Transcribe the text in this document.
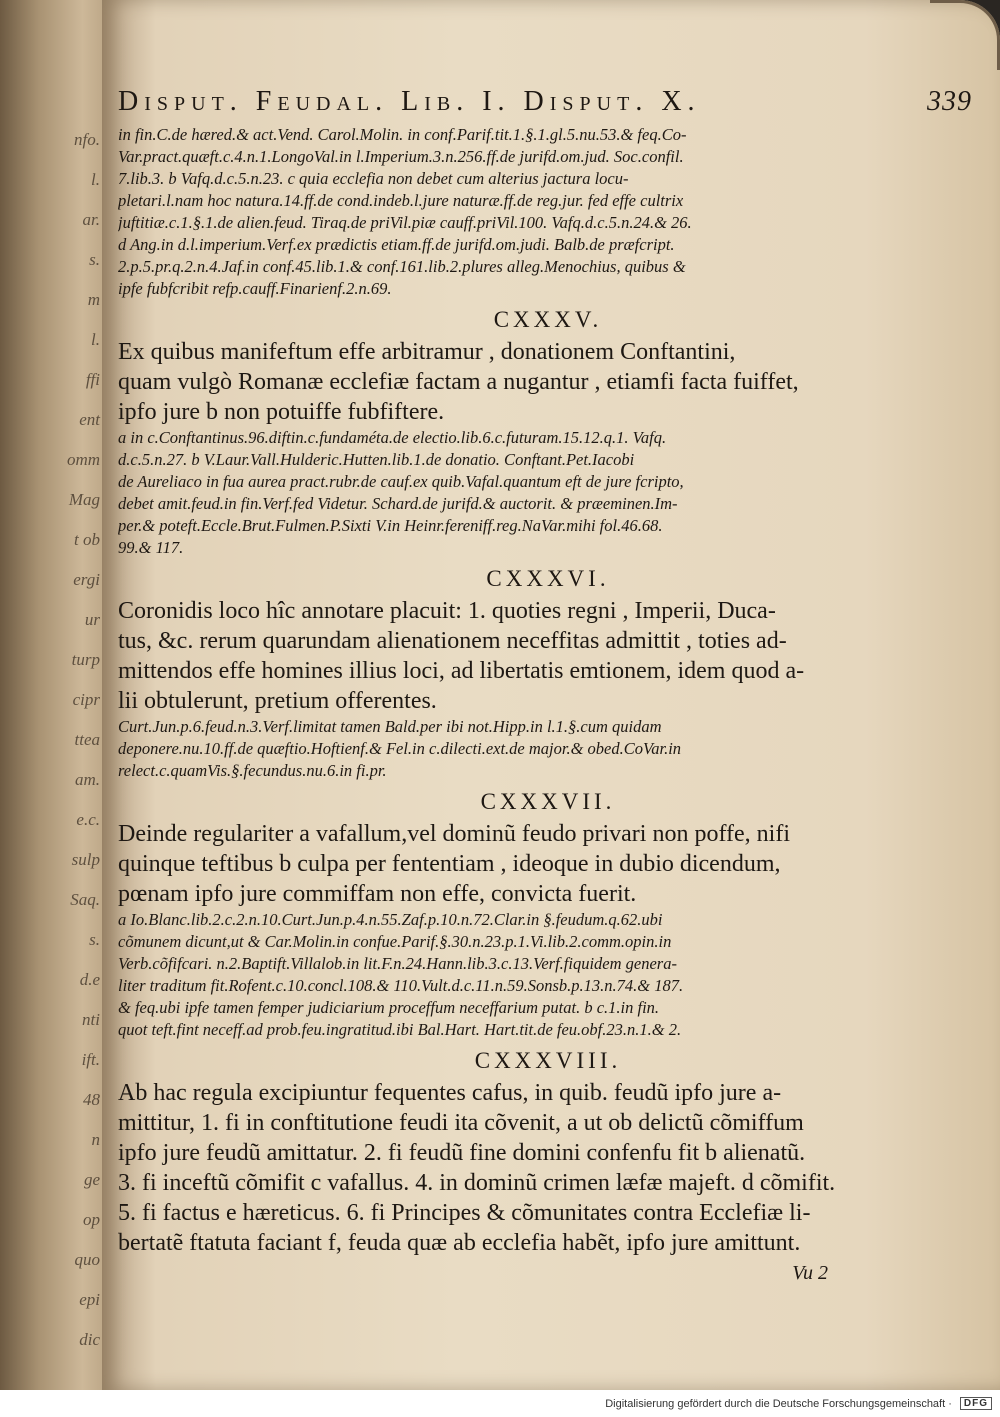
nfo.
l.
ar.
s.
m
l.
ffi
ent
omm
Mag
t ob
ergi
ur
turp
cipr
ttea
am.
e.c.
sulp
Saq.
s.
d.e
nti
ift.
48
n
ge
op
quo
epi
dic
Disput. Feudal. Lib. I. Disput. X.	339
in fin.C.de hæred.& act.Vend. Carol.Molin. in conf.Parif.tit.1.§.1.gl.5.nu.53.& feq.Co-
Var.pract.quæft.c.4.n.1.LongoVal.in l.Imperium.3.n.256.ff.de jurifd.om.jud. Soc.confil.
7.lib.3. b Vafq.d.c.5.n.23. c quia ecclefia non debet cum alterius jactura locu-
pletari.l.nam hoc natura.14.ff.de cond.indeb.l.jure naturæ.ff.de reg.jur. fed effe cultrix
juftitiæ.c.1.§.1.de alien.feud. Tiraq.de priVil.piæ cauff.priVil.100. Vafq.d.c.5.n.24.& 26.
d Ang.in d.l.imperium.Verf.ex prædictis etiam.ff.de jurifd.om.judi. Balb.de præfcript.
2.p.5.pr.q.2.n.4.Jaf.in conf.45.lib.1.& conf.161.lib.2.plures alleg.Menochius, quibus &
ipfe fubfcribit refp.cauff.Finarienf.2.n.69.
CXXXV.
Ex quibus manifeftum effe arbitramur , donationem Conftantini,
quam vulgò Romanæ ecclefiæ factam a nugantur , etiamfi facta fuiffet,
ipfo jure b non potuiffe fubfiftere.
a in c.Conftantinus.96.diftin.c.fundaméta.de electio.lib.6.c.futuram.15.12.q.1. Vafq.
d.c.5.n.27. b V.Laur.Vall.Hulderic.Hutten.lib.1.de donatio. Conftant.Pet.Iacobi
de Aureliaco in fua aurea pract.rubr.de cauf.ex quib.Vafal.quantum eft de jure fcripto,
debet amit.feud.in fin.Verf.fed Videtur. Schard.de jurifd.& auctorit. & præeminen.Im-
per.& poteft.Eccle.Brut.Fulmen.P.Sixti V.in Heinr.fereniff.reg.NaVar.mihi fol.46.68.
99.& 117.
CXXXVI.
Coronidis loco hîc annotare placuit: 1. quoties regni , Imperii, Duca-
tus, &c. rerum quarundam alienationem neceffitas admittit , toties ad-
mittendos effe homines illius loci, ad libertatis emtionem, idem quod a-
lii obtulerunt, pretium offerentes.
Curt.Jun.p.6.feud.n.3.Verf.limitat tamen Bald.per ibi not.Hipp.in l.1.§.cum quidam
deponere.nu.10.ff.de quæftio.Hoftienf.& Fel.in c.dilecti.ext.de major.& obed.CoVar.in
relect.c.quamVis.§.fecundus.nu.6.in fi.pr.
CXXXVII.
Deinde regulariter a vafallum,vel dominũ feudo privari non poffe, nifi
quinque teftibus b culpa per fententiam , ideoque in dubio dicendum,
pœnam ipfo jure commiffam non effe, convicta fuerit.
a Io.Blanc.lib.2.c.2.n.10.Curt.Jun.p.4.n.55.Zaf.p.10.n.72.Clar.in §.feudum.q.62.ubi
cõmunem dicunt,ut & Car.Molin.in confue.Parif.§.30.n.23.p.1.Vi.lib.2.comm.opin.in
Verb.cõfifcari. n.2.Baptift.Villalob.in lit.F.n.24.Hann.lib.3.c.13.Verf.fiquidem genera-
liter traditum fit.Rofent.c.10.concl.108.& 110.Vult.d.c.11.n.59.Sonsb.p.13.n.74.& 187.
& feq.ubi ipfe tamen femper judiciarium proceffum neceffarium putat. b c.1.in fin.
quot teft.fint neceff.ad prob.feu.ingratitud.ibi Bal.Hart. Hart.tit.de feu.obf.23.n.1.& 2.
CXXXVIII.
Ab hac regula excipiuntur fequentes cafus, in quib. feudũ ipfo jure a-
mittitur, 1. fi in conftitutione feudi ita cõvenit, a ut ob delictũ cõmiffum
ipfo jure feudũ amittatur. 2. fi feudũ fine domini confenfu fit b alienatũ.
3. fi inceftũ cõmifit c vafallus. 4. in dominũ crimen læfæ majeft. d cõmifit.
5. fi factus e hæreticus. 6. fi Principes & cõmunitates contra Ecclefiæ li-
bertatẽ ftatuta faciant f, feuda quæ ab ecclefia habẽt, ipfo jure amittunt.
Vu 2
Digitalisierung gefördert durch die Deutsche Forschungsgemeinschaft ·	DFG
